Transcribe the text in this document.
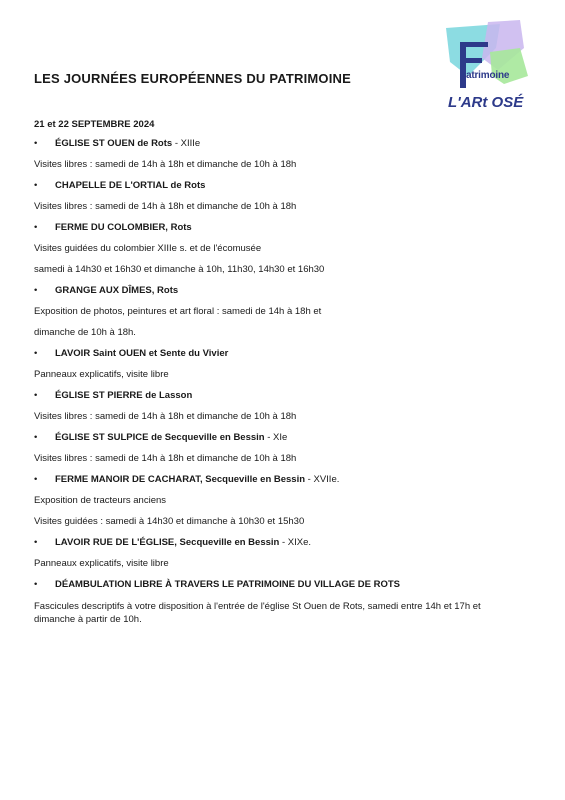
atrimoine
L'ARt OSÉ
LES JOURNÉES EUROPÉENNES DU PATRIMOINE

21 et 22 SEPTEMBRE 2024

• ÉGLISE ST OUEN de Rots - XIIIe

Visites libres : samedi de 14h à 18h et dimanche de 10h à 18h

• CHAPELLE DE L'ORTIAL de Rots

Visites libres : samedi de 14h à 18h et dimanche de 10h à 18h

• FERME DU COLOMBIER, Rots

Visites guidées du colombier XIIIe s. et de l'écomusée

samedi à 14h30 et 16h30 et dimanche à 10h, 11h30, 14h30 et 16h30

• GRANGE AUX DÎMES, Rots

Exposition de photos, peintures et art floral : samedi de 14h à 18h et

dimanche de 10h à 18h.

• LAVOIR Saint OUEN et Sente du Vivier

Panneaux explicatifs, visite libre

• ÉGLISE ST PIERRE de Lasson

Visites libres : samedi de 14h à 18h et dimanche de 10h à 18h

• ÉGLISE ST SULPICE de Secqueville en Bessin - XIe

Visites libres : samedi de 14h à 18h et dimanche de 10h à 18h

• FERME MANOIR DE CACHARAT, Secqueville en Bessin - XVIIe.

Exposition de tracteurs anciens

Visites guidées : samedi à 14h30 et dimanche à 10h30 et 15h30

• LAVOIR RUE DE L'ÉGLISE, Secqueville en Bessin - XIXe.

Panneaux explicatifs, visite libre

• DÉAMBULATION LIBRE À TRAVERS LE PATRIMOINE DU VILLAGE DE ROTS

Fascicules descriptifs à votre disposition à l'entrée de l'église St Ouen de Rots, samedi entre 14h et 17h et dimanche à partir de 10h.
